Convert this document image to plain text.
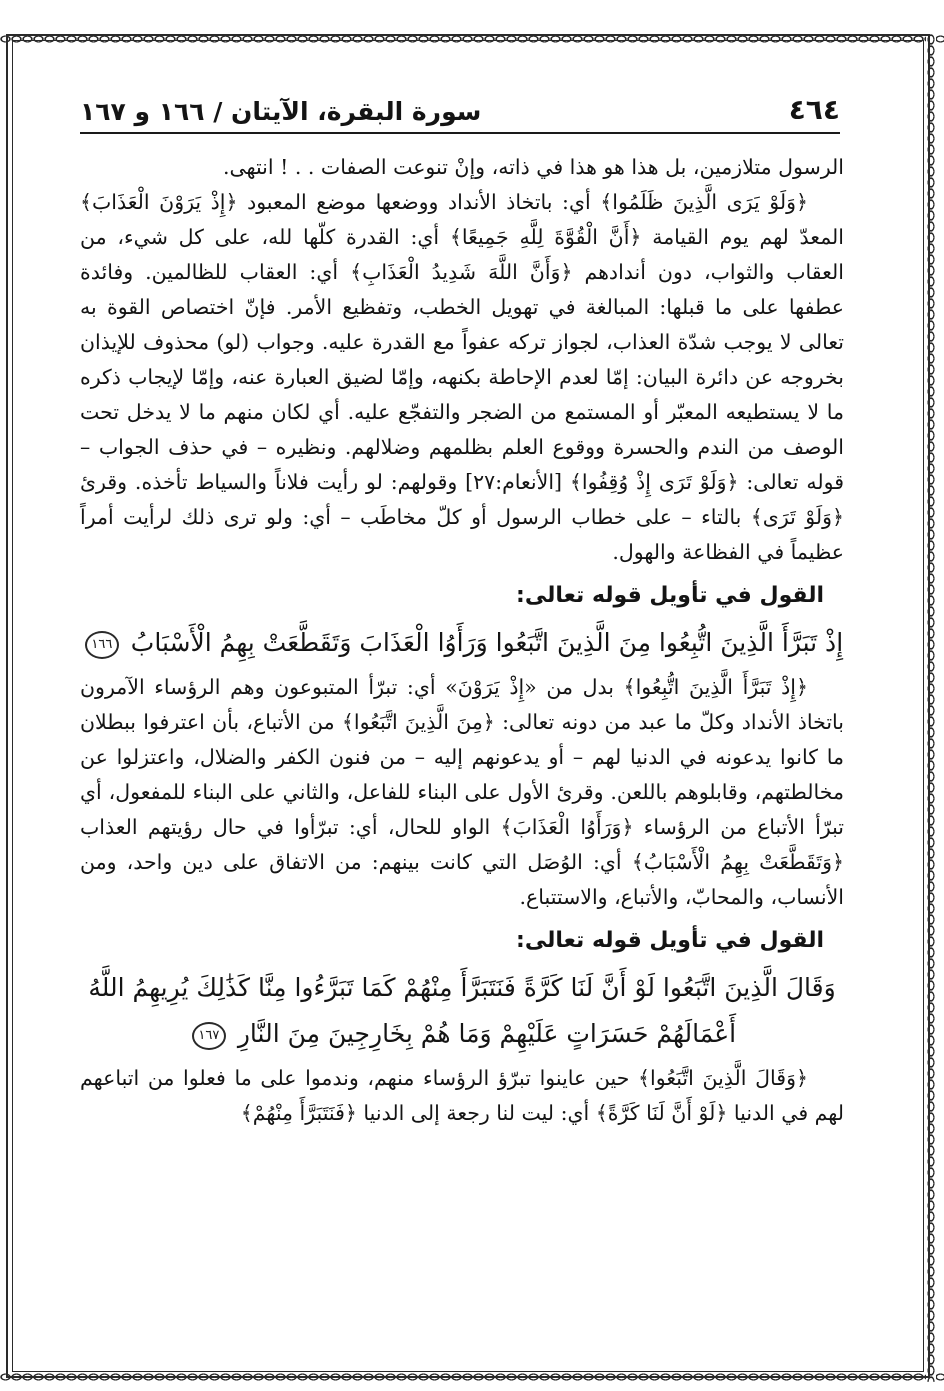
٤٦٤
سورة البقرة، الآيتان / ١٦٦ و ١٦٧

الرسول متلازمين، بل هذا هو هذا في ذاته، وإنْ تنوعت الصفات . . ! انتهى.

﴿وَلَوْ يَرَى الَّذِينَ ظَلَمُوا﴾ أي: باتخاذ الأنداد ووضعها موضع المعبود ﴿إِذْ يَرَوْنَ الْعَذَابَ﴾ المعدّ لهم يوم القيامة ﴿أَنَّ الْقُوَّةَ لِلَّهِ جَمِيعًا﴾ أي: القدرة كلّها لله، على كل شيء، من العقاب والثواب، دون أندادهم ﴿وَأَنَّ اللَّهَ شَدِيدُ الْعَذَابِ﴾ أي: العقاب للظالمين. وفائدة عطفها على ما قبلها: المبالغة في تهويل الخطب، وتفظيع الأمر. فإنّ اختصاص القوة به تعالى لا يوجب شدّة العذاب، لجواز تركه عفواً مع القدرة عليه. وجواب (لو) محذوف للإيذان بخروجه عن دائرة البيان: إمّا لعدم الإحاطة بكنهه، وإمّا لضيق العبارة عنه، وإمّا لإيجاب ذكره ما لا يستطيعه المعبّر أو المستمع من الضجر والتفجّع عليه. أي لكان منهم ما لا يدخل تحت الوصف من الندم والحسرة ووقوع العلم بظلمهم وضلالهم. ونظيره – في حذف الجواب – قوله تعالى: ﴿وَلَوْ تَرَى إِذْ وُقِفُوا﴾ [الأنعام:٢٧] وقولهم: لو رأيت فلاناً والسياط تأخذه. وقرئ ﴿وَلَوْ تَرَى﴾ بالتاء – على خطاب الرسول أو كلّ مخاطَب – أي: ولو ترى ذلك لرأيت أمراً عظيماً في الفظاعة والهول.

القول في تأويل قوله تعالى:
إِذْ تَبَرَّأَ الَّذِينَ اتُّبِعُوا مِنَ الَّذِينَ اتَّبَعُوا وَرَأَوُا الْعَذَابَ وَتَقَطَّعَتْ بِهِمُ الْأَسْبَابُ ١٦٦

﴿إِذْ تَبَرَّأَ الَّذِينَ اتُّبِعُوا﴾ بدل من «إِذْ يَرَوْنَ» أي: تبرّأ المتبوعون وهم الرؤساء الآمرون باتخاذ الأنداد وكلّ ما عبد من دونه تعالى: ﴿مِنَ الَّذِينَ اتَّبَعُوا﴾ من الأتباع، بأن اعترفوا ببطلان ما كانوا يدعونه في الدنيا لهم – أو يدعونهم إليه – من فنون الكفر والضلال، واعتزلوا عن مخالطتهم، وقابلوهم باللعن. وقرئ الأول على البناء للفاعل، والثاني على البناء للمفعول، أي تبرّأ الأتباع من الرؤساء ﴿وَرَأَوُا الْعَذَابَ﴾ الواو للحال، أي: تبرّأوا في حال رؤيتهم العذاب ﴿وَتَقَطَّعَتْ بِهِمُ الْأَسْبَابُ﴾ أي: الوُصَل التي كانت بينهم: من الاتفاق على دين واحد، ومن الأنساب، والمحابّ، والأتباع، والاستتباع.

القول في تأويل قوله تعالى:
وَقَالَ الَّذِينَ اتَّبَعُوا لَوْ أَنَّ لَنَا كَرَّةً فَنَتَبَرَّأَ مِنْهُمْ كَمَا تَبَرَّءُوا مِنَّا كَذَٰلِكَ يُرِيهِمُ اللَّهُ
أَعْمَالَهُمْ حَسَرَاتٍ عَلَيْهِمْ وَمَا هُمْ بِخَارِجِينَ مِنَ النَّارِ ١٦٧

﴿وَقَالَ الَّذِينَ اتَّبَعُوا﴾ حين عاينوا تبرّؤ الرؤساء منهم، وندموا على ما فعلوا من اتباعهم لهم في الدنيا ﴿لَوْ أَنَّ لَنَا كَرَّةً﴾ أي: ليت لنا رجعة إلى الدنيا ﴿فَنَتَبَرَّأَ مِنْهُمْ﴾
